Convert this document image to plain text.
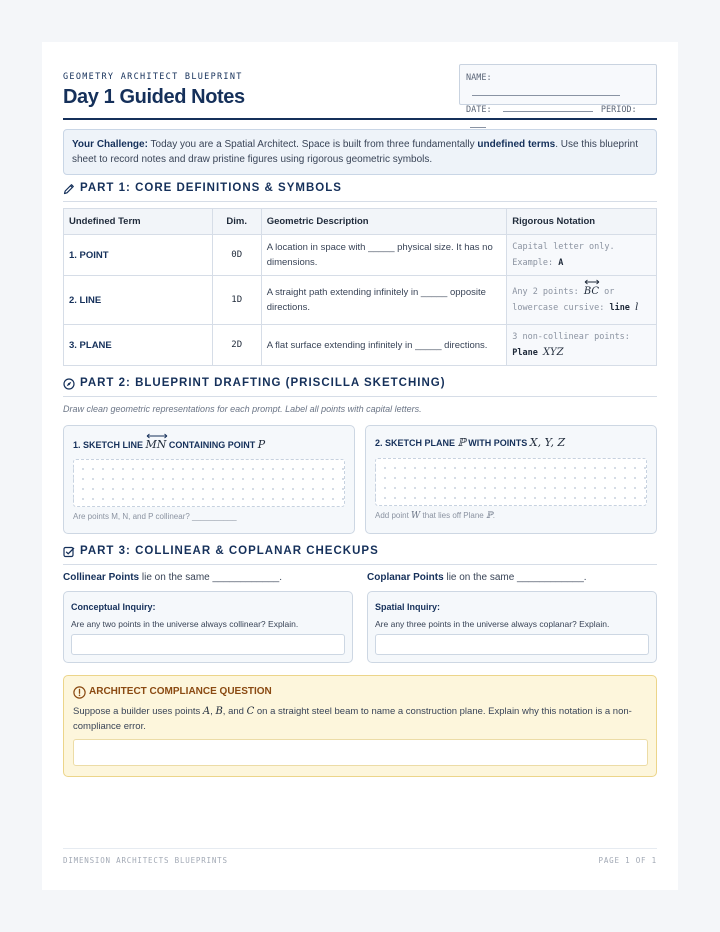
GEOMETRY ARCHITECT BLUEPRINT
Day 1 Guided Notes
NAME:
DATE:	PERIOD:
Your Challenge: Today you are a Spatial Architect. Space is built from three fundamentally undefined terms. Use this blueprint sheet to record notes and draw pristine figures using rigorous geometric symbols.
PART 1: CORE DEFINITIONS & SYMBOLS
Undefined Term	Dim.	Geometric Description	Rigorous Notation
1. POINT	0D	A location in space with _____ physical size. It has no dimensions.	Capital letter only.
Example: A

2. LINE	1D	A straight path extending infinitely in _____ opposite directions.	Any 2 points:
BC or
lowercase cursive: line l

3. PLANE	2D	A flat surface extending infinitely in _____ directions.	3 non-collinear points:
Plane XYZ
PART 2: BLUEPRINT DRAFTING (PRISCILLA SKETCHING)
Draw clean geometric representations for each prompt. Label all points with capital letters.
1. SKETCH LINE
MN CONTAINING POINT P
Are points M, N, and P collinear? __________
2. SKETCH PLANE ℙ WITH POINTS X, Y, Z
Add point W that lies off Plane ℙ.
PART 3: COLLINEAR & COPLANAR CHECKUPS
Collinear Points lie on the same ____________.	Coplanar Points lie on the same ____________.
Conceptual Inquiry:
Are any two points in the universe always collinear? Explain.
Spatial Inquiry:
Are any three points in the universe always coplanar? Explain.
ARCHITECT COMPLIANCE QUESTION
Suppose a builder uses points A, B, and C on a straight steel beam to name a construction plane. Explain why this notation is a non-compliance error.
DIMENSION ARCHITECTS BLUEPRINTS	PAGE 1 OF 1
